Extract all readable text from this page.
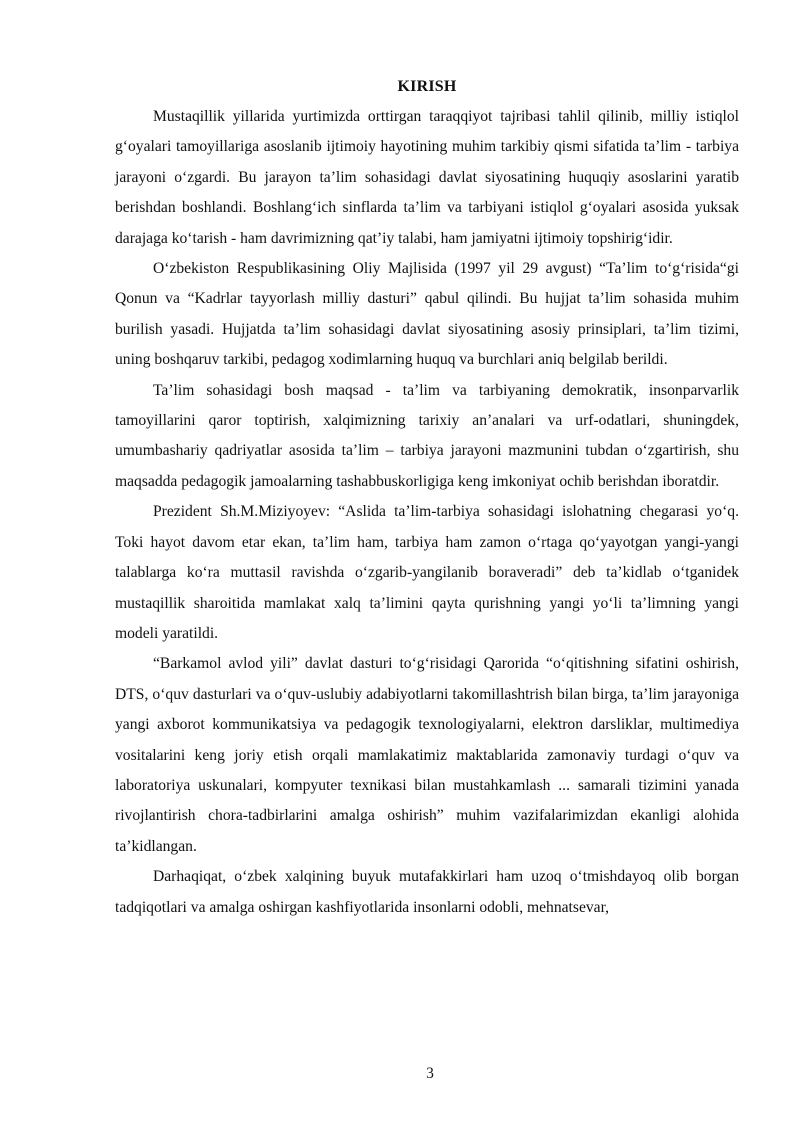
KIRISH

Mustaqillik yillarida yurtimizda orttirgan taraqqiyot tajribasi tahlil qilinib, milliy istiqlol g‘oyalari tamoyillariga asoslanib ijtimoiy hayotining muhim tarkibiy qismi sifatida ta’lim - tarbiya jarayoni o‘zgardi. Bu jarayon ta’lim sohasidagi davlat siyosatining huquqiy asoslarini yaratib berishdan boshlandi. Boshlang‘ich sinflarda ta’lim va tarbiyani istiqlol g‘oyalari asosida yuksak darajaga ko‘tarish - ham davrimizning qat’iy talabi, ham jamiyatni ijtimoiy topshirig‘idir.

O‘zbekiston Respublikasining Oliy Majlisida (1997 yil 29 avgust) “Ta’lim to‘g‘risida“gi Qonun va “Kadrlar tayyorlash milliy dasturi” qabul qilindi. Bu hujjat ta’lim sohasida muhim burilish yasadi. Hujjatda ta’lim sohasidagi davlat siyosatining asosiy prinsiplari, ta’lim tizimi, uning boshqaruv tarkibi, pedagog xodimlarning huquq va burchlari aniq belgilab berildi.

Ta’lim sohasidagi bosh maqsad - ta’lim va tarbiyaning demokratik, insonparvarlik tamoyillarini qaror toptirish, xalqimizning tarixiy an’analari va urf-odatlari, shuningdek, umumbashariy qadriyatlar asosida ta’lim – tarbiya jarayoni mazmunini tubdan o‘zgartirish, shu maqsadda pedagogik jamoalarning tashabbuskorligiga keng imkoniyat ochib berishdan iboratdir.

Prezident Sh.M.Miziyoyev: “Aslida ta’lim-tarbiya sohasidagi islohatning chegarasi yo‘q. Toki hayot davom etar ekan, ta’lim ham, tarbiya ham zamon o‘rtaga qo‘yayotgan yangi-yangi talablarga ko‘ra muttasil ravishda o‘zgarib-yangilanib boraveradi” deb ta’kidlab o‘tganidek mustaqillik sharoitida mamlakat xalq ta’limini qayta qurishning yangi yo‘li ta’limning yangi modeli yaratildi.

“Barkamol avlod yili” davlat dasturi to‘g‘risidagi Qarorida “o‘qitishning sifatini oshirish, DTS, o‘quv dasturlari va o‘quv-uslubiy adabiyotlarni takomillashtrish bilan birga, ta’lim jarayoniga yangi axborot kommunikatsiya va pedagogik texnologiyalarni, elektron darsliklar, multimediya vositalarini keng joriy etish orqali mamlakatimiz maktablarida zamonaviy turdagi o‘quv va laboratoriya uskunalari, kompyuter texnikasi bilan mustahkamlash ... samarali tizimini yanada rivojlantirish chora-tadbirlarini amalga oshirish” muhim vazifalarimizdan ekanligi alohida ta’kidlangan.

Darhaqiqat, o‘zbek xalqining buyuk mutafakkirlari ham uzoq o‘tmishdayoq olib borgan tadqiqotlari va amalga oshirgan kashfiyotlarida insonlarni odobli, mehnatsevar,

3
